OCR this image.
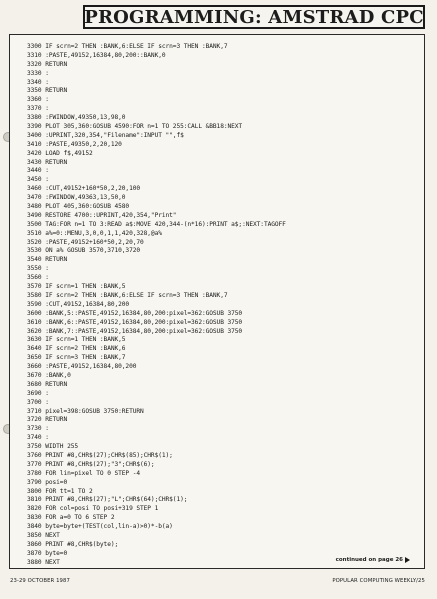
PROGRAMMING: AMSTRAD CPC
3300 IF scrn=2 THEN :BANK,6:ELSE IF scrn=3 THEN :BANK,7
3310 :PASTE,49152,16384,80,200::BANK,0
3320 RETURN
3330 :
3340 :
3350 RETURN
3360 :
3370 :
3380 :FWINDOW,49350,13,98,0
3390 PLOT 305,360:GOSUB 4590:FOR n=1 TO 255:CALL &BB18:NEXT
3400 :UPRINT,320,354,"Filename":INPUT "",f$
3410 :PASTE,49350,2,20,120
3420 LOAD f$,49152
3430 RETURN
3440 :
3450 :
3460 :CUT,49152+160*50,2,20,100
3470 :FWINDOW,49363,13,50,0
3480 PLOT 405,360:GOSUB 4580
3490 RESTORE 4700::UPRINT,420,354,"Print"
3500 TAG:FOR n=1 TO 3:READ a$:MOVE 420,344-(n*16):PRINT a$;:NEXT:TAGOFF
3510 a%=0::MENU,3,0,0,1,1,420,328,@a%
3520 :PASTE,49152+160*50,2,20,70
3530 ON a% GOSUB 3570,3710,3720
3540 RETURN
3550 :
3560 :
3570 IF scrn=1 THEN :BANK,5
3580 IF scrn=2 THEN :BANK,6:ELSE IF scrn=3 THEN :BANK,7
3590 :CUT,49152,16384,80,200
3600 :BANK,5::PASTE,49152,16384,80,200:pixel=362:GOSUB 3750
3610 :BANK,6::PASTE,49152,16384,80,200:pixel=362:GOSUB 3750
3620 :BANK,7::PASTE,49152,16384,80,200:pixel=362:GOSUB 3750
3630 IF scrn=1 THEN :BANK,5
3640 IF scrn=2 THEN :BANK,6
3650 IF scrn=3 THEN :BANK,7
3660 :PASTE,49152,16384,80,200
3670 :BANK,0
3680 RETURN
3690 :
3700 :
3710 pixel=398:GOSUB 3750:RETURN
3720 RETURN
3730 :
3740 :
3750 WIDTH 255
3760 PRINT #8,CHR$(27);CHR$(85);CHR$(1);
3770 PRINT #8,CHR$(27);"3";CHR$(6);
3780 FOR lin=pixel TO 0 STEP -4
3790 posi=0
3800 FOR tt=1 TO 2
3810 PRINT #8,CHR$(27);"L";CHR$(64);CHR$(1);
3820 FOR col=posi TO posi+319 STEP 1
3830 FOR a=0 TO 6 STEP 2
3840 byte=byte+(TEST(col,lin-a)>0)*-b(a)
3850 NEXT
3860 PRINT #8,CHR$(byte);
3870 byte=0
3880 NEXT	continued on page 26
23-29 OCTOBER 1987	POPULAR COMPUTING WEEKLY/25
